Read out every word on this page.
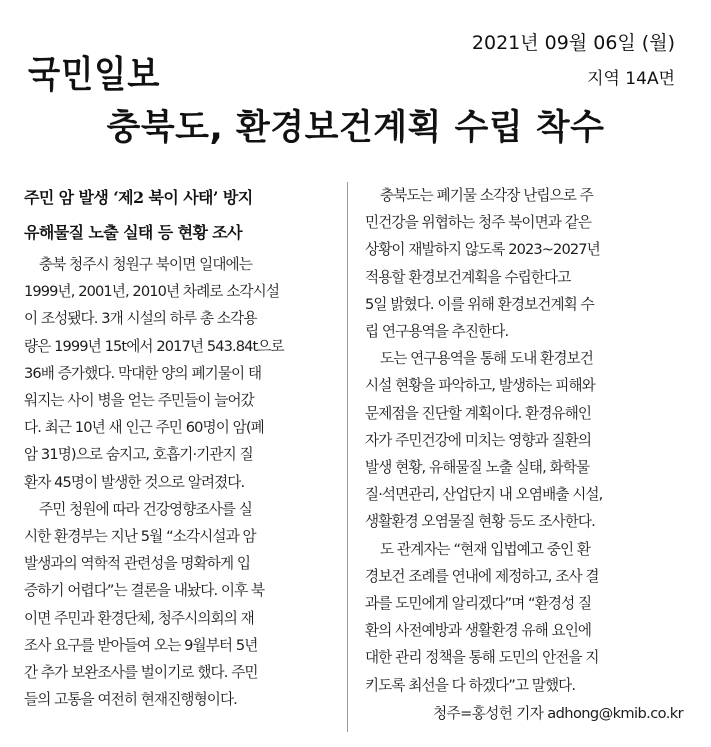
국민일보
2021년 09월 06일 (월)
지역 14A면
충북도, 환경보건계획 수립 착수
주민 암 발생 ‘제2 북이 사태’ 방지
유해물질 노출 실태 등 현황 조사
충북 청주시 청원구 북이면 일대에는
1999년, 2001년, 2010년 차례로 소각시설
이 조성됐다. 3개 시설의 하루 총 소각용
량은 1999년 15t에서 2017년 543.84t으로
36배 증가했다. 막대한 양의 폐기물이 태
워지는 사이 병을 얻는 주민들이 늘어갔
다. 최근 10년 새 인근 주민 60명이 암(폐
암 31명)으로 숨지고, 호흡기·기관지 질
환자 45명이 발생한 것으로 알려졌다.
주민 청원에 따라 건강영향조사를 실
시한 환경부는 지난 5월 “소각시설과 암
발생과의 역학적 관련성을 명확하게 입
증하기 어렵다”는 결론을 내놨다. 이후 북
이면 주민과 환경단체, 청주시의회의 재
조사 요구를 받아들여 오는 9월부터 5년
간 추가 보완조사를 벌이기로 했다. 주민
들의 고통을 여전히 현재진행형이다.
충북도는 폐기물 소각장 난립으로 주
민건강을 위협하는 청주 북이면과 같은
상황이 재발하지 않도록 2023~2027년
적용할 환경보건계획을 수립한다고
5일 밝혔다. 이를 위해 환경보건계획 수
립 연구용역을 추진한다.
도는 연구용역을 통해 도내 환경보건
시설 현황을 파악하고, 발생하는 피해와
문제점을 진단할 계획이다. 환경유해인
자가 주민건강에 미치는 영향과 질환의
발생 현황, 유해물질 노출 실태, 화학물
질·석면관리, 산업단지 내 오염배출 시설,
생활환경 오염물질 현황 등도 조사한다.
도 관계자는 “현재 입법예고 중인 환
경보건 조례를 연내에 제정하고, 조사 결
과를 도민에게 알리겠다”며 “환경성 질
환의 사전예방과 생활환경 유해 요인에
대한 관리 정책을 통해 도민의 안전을 지
키도록 최선을 다 하겠다”고 말했다.
청주=홍성헌 기자 adhong@kmib.co.kr
